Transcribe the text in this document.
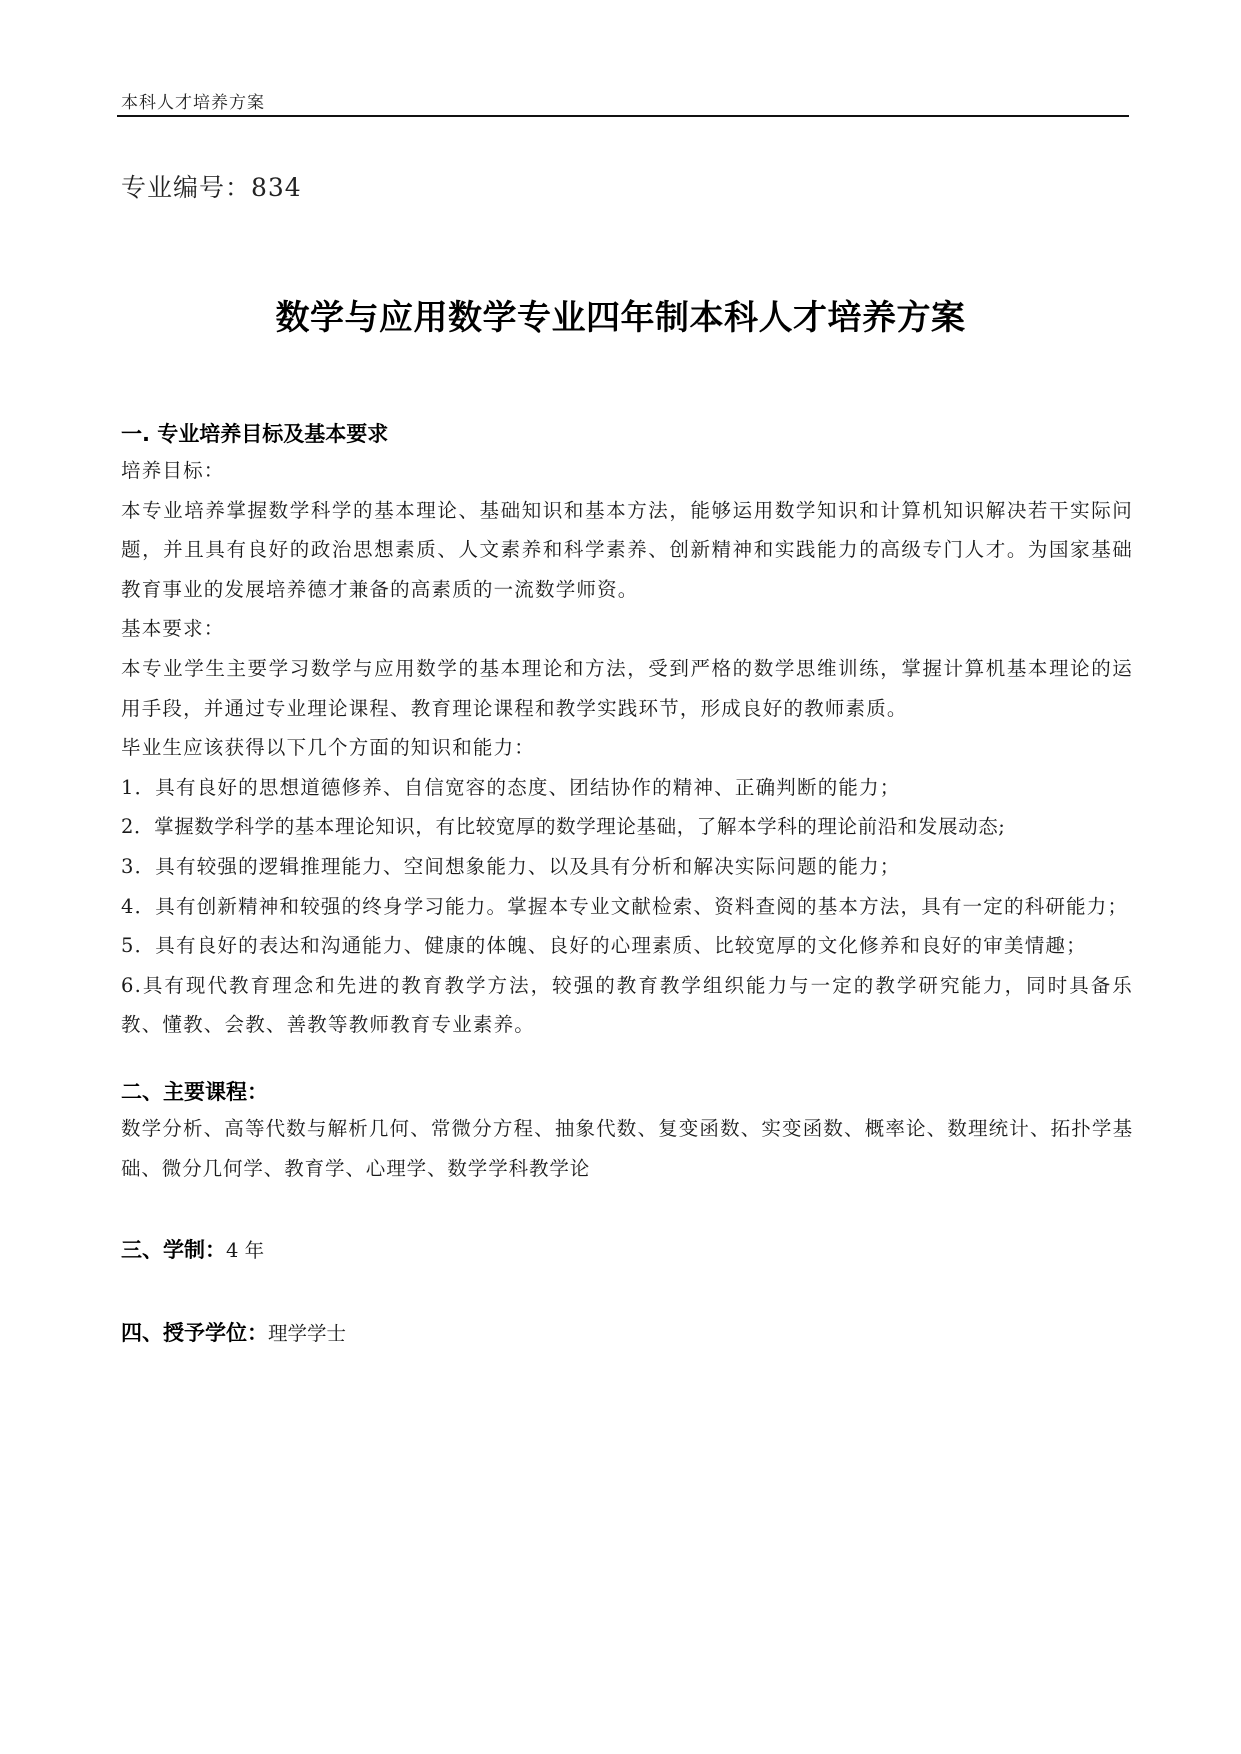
本科人才培养方案
专业编号：834
数学与应用数学专业四年制本科人才培养方案
一. 专业培养目标及基本要求
培养目标：
本专业培养掌握数学科学的基本理论、基础知识和基本方法，能够运用数学知识和计算机知识解决若干实际问题，并且具有良好的政治思想素质、人文素养和科学素养、创新精神和实践能力的高级专门人才。为国家基础教育事业的发展培养德才兼备的高素质的一流数学师资。
基本要求：
本专业学生主要学习数学与应用数学的基本理论和方法，受到严格的数学思维训练，掌握计算机基本理论的运用手段，并通过专业理论课程、教育理论课程和教学实践环节，形成良好的教师素质。
毕业生应该获得以下几个方面的知识和能力：
1．具有良好的思想道德修养、自信宽容的态度、团结协作的精神、正确判断的能力；
2．掌握数学科学的基本理论知识，有比较宽厚的数学理论基础，了解本学科的理论前沿和发展动态;
3．具有较强的逻辑推理能力、空间想象能力、以及具有分析和解决实际问题的能力；
4．具有创新精神和较强的终身学习能力。掌握本专业文献检索、资料查阅的基本方法，具有一定的科研能力；
5．具有良好的表达和沟通能力、健康的体魄、良好的心理素质、比较宽厚的文化修养和良好的审美情趣；
6.具有现代教育理念和先进的教育教学方法，较强的教育教学组织能力与一定的教学研究能力，同时具备乐教、懂教、会教、善教等教师教育专业素养。
二、主要课程：
数学分析、高等代数与解析几何、常微分方程、抽象代数、复变函数、实变函数、概率论、数理统计、拓扑学基础、微分几何学、教育学、心理学、数学学科教学论
三、学制：4 年
四、授予学位：理学学士
